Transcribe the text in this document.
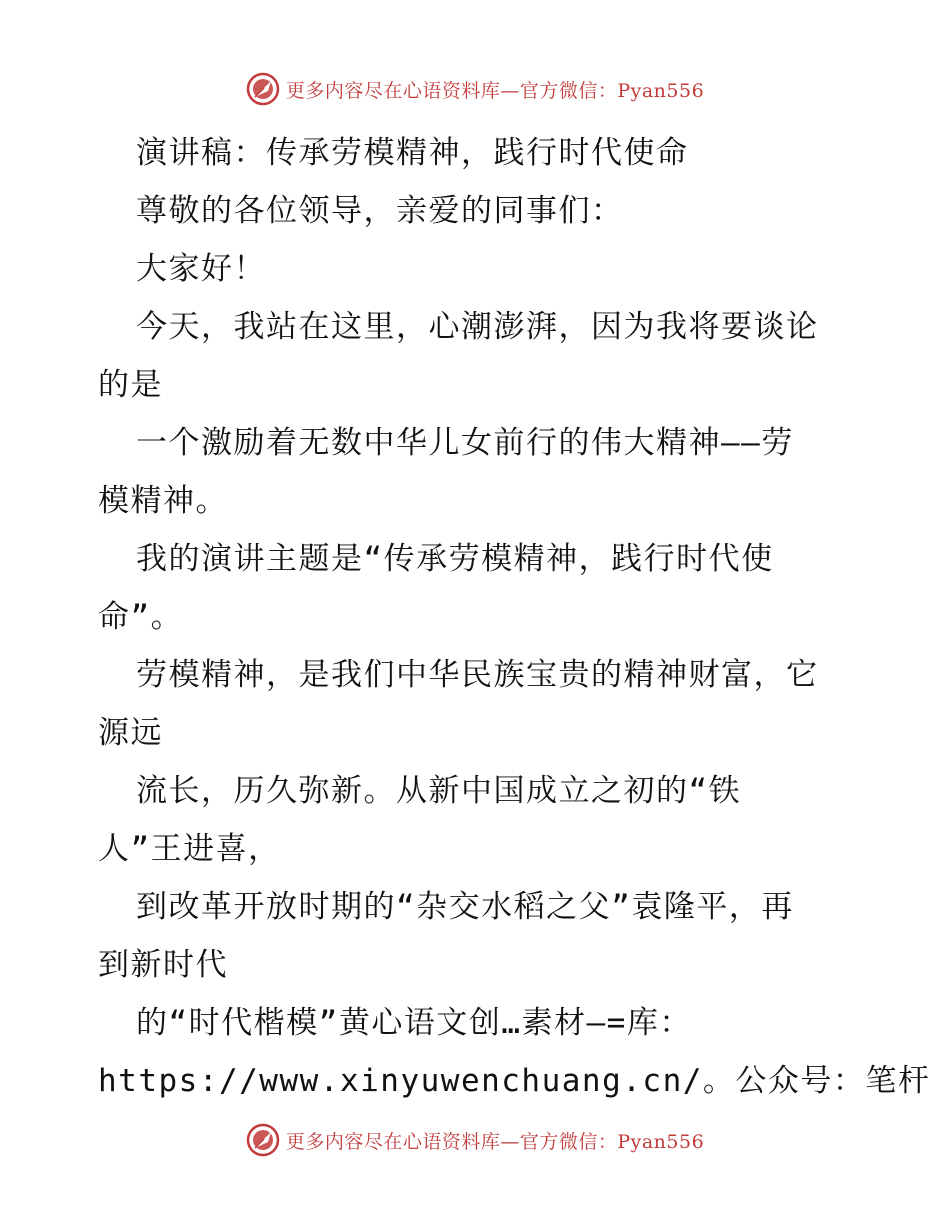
更多内容尽在心语资料库—官方微信：Pyan556

演讲稿：传承劳模精神，践行时代使命

尊敬的各位领导，亲爱的同事们：

大家好！

今天，我站在这里，心潮澎湃，因为我将要谈论

的是

一个激励着无数中华儿女前行的伟大精神——劳

模精神。

我的演讲主题是“传承劳模精神，践行时代使

命”。

劳模精神，是我们中华民族宝贵的精神财富，它

源远

流长，历久弥新。从新中国成立之初的“铁

人”王进喜，

到改革开放时期的“杂交水稻之父”袁隆平，再

到新时代

的“时代楷模”黄心语文创…素材—=库：

https://www.xinyuwenchuang.cn/。公众号：笔杆

更多内容尽在心语资料库—官方微信：Pyan556
